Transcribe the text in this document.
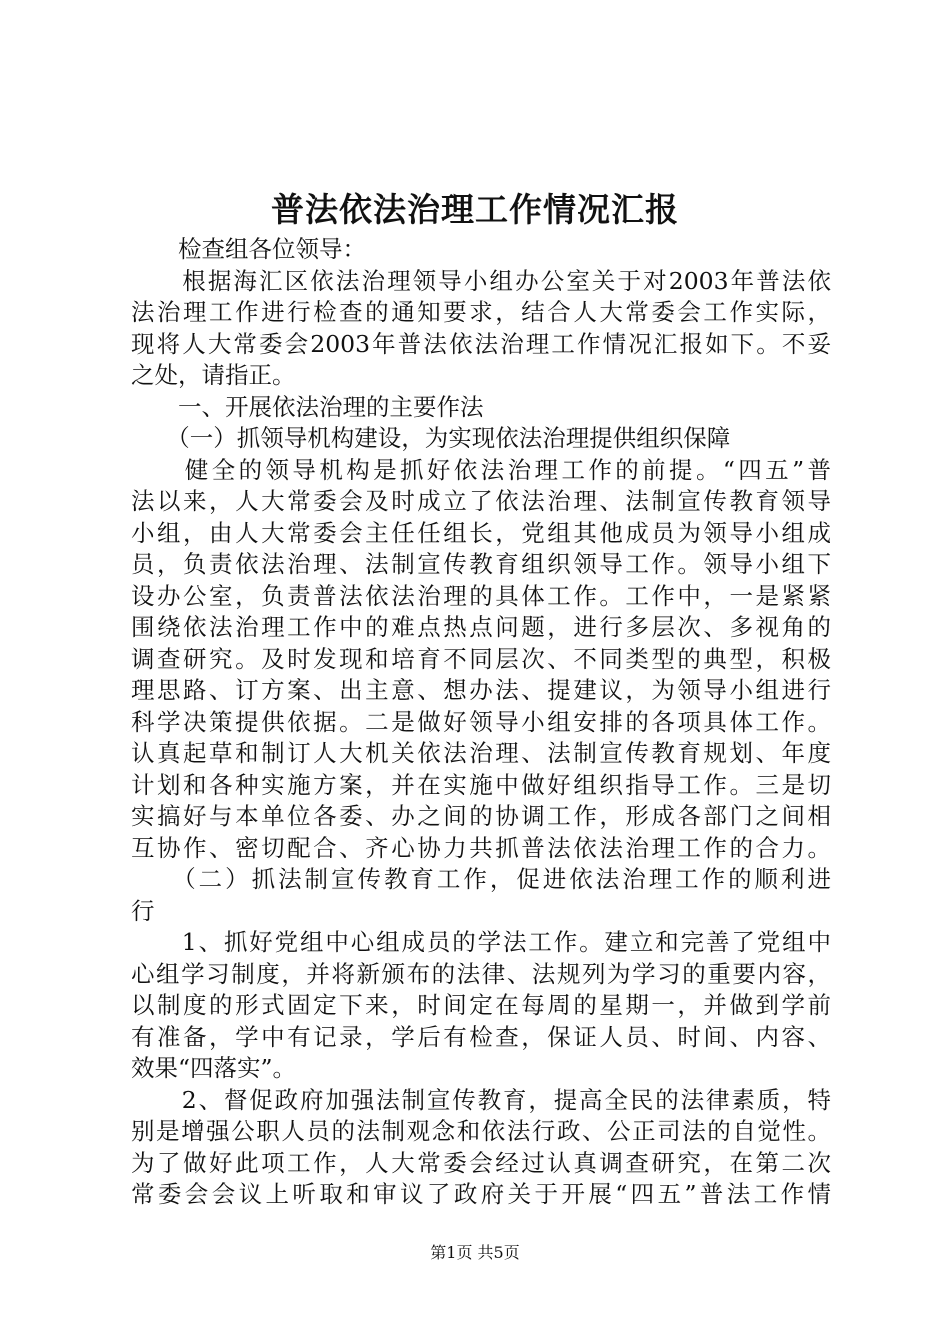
普法依法治理工作情况汇报
　　检查组各位领导：
　　根据海汇区依法治理领导小组办公室关于对2003年普法依
法治理工作进行检查的通知要求，结合人大常委会工作实际，
现将人大常委会2003年普法依法治理工作情况汇报如下。不妥
之处，请指正。
　　一、开展依法治理的主要作法
　　（一）抓领导机构建设，为实现依法治理提供组织保障
　　健全的领导机构是抓好依法治理工作的前提。“四五”普
法以来，人大常委会及时成立了依法治理、法制宣传教育领导
小组，由人大常委会主任任组长，党组其他成员为领导小组成
员，负责依法治理、法制宣传教育组织领导工作。领导小组下
设办公室，负责普法依法治理的具体工作。工作中，一是紧紧
围绕依法治理工作中的难点热点问题，进行多层次、多视角的
调查研究。及时发现和培育不同层次、不同类型的典型，积极
理思路、订方案、出主意、想办法、提建议，为领导小组进行
科学决策提供依据。二是做好领导小组安排的各项具体工作。
认真起草和制订人大机关依法治理、法制宣传教育规划、年度
计划和各种实施方案，并在实施中做好组织指导工作。三是切
实搞好与本单位各委、办之间的协调工作，形成各部门之间相
互协作、密切配合、齐心协力共抓普法依法治理工作的合力。
　　（二）抓法制宣传教育工作，促进依法治理工作的顺利进
行
　　1、抓好党组中心组成员的学法工作。建立和完善了党组中
心组学习制度，并将新颁布的法律、法规列为学习的重要内容，
以制度的形式固定下来，时间定在每周的星期一，并做到学前
有准备，学中有记录，学后有检查，保证人员、时间、内容、
效果“四落实”。
　　2、督促政府加强法制宣传教育，提高全民的法律素质，特
别是增强公职人员的法制观念和依法行政、公正司法的自觉性。
为了做好此项工作，人大常委会经过认真调查研究，在第二次
常委会会议上听取和审议了政府关于开展“四五”普法工作情
第1页 共5页
